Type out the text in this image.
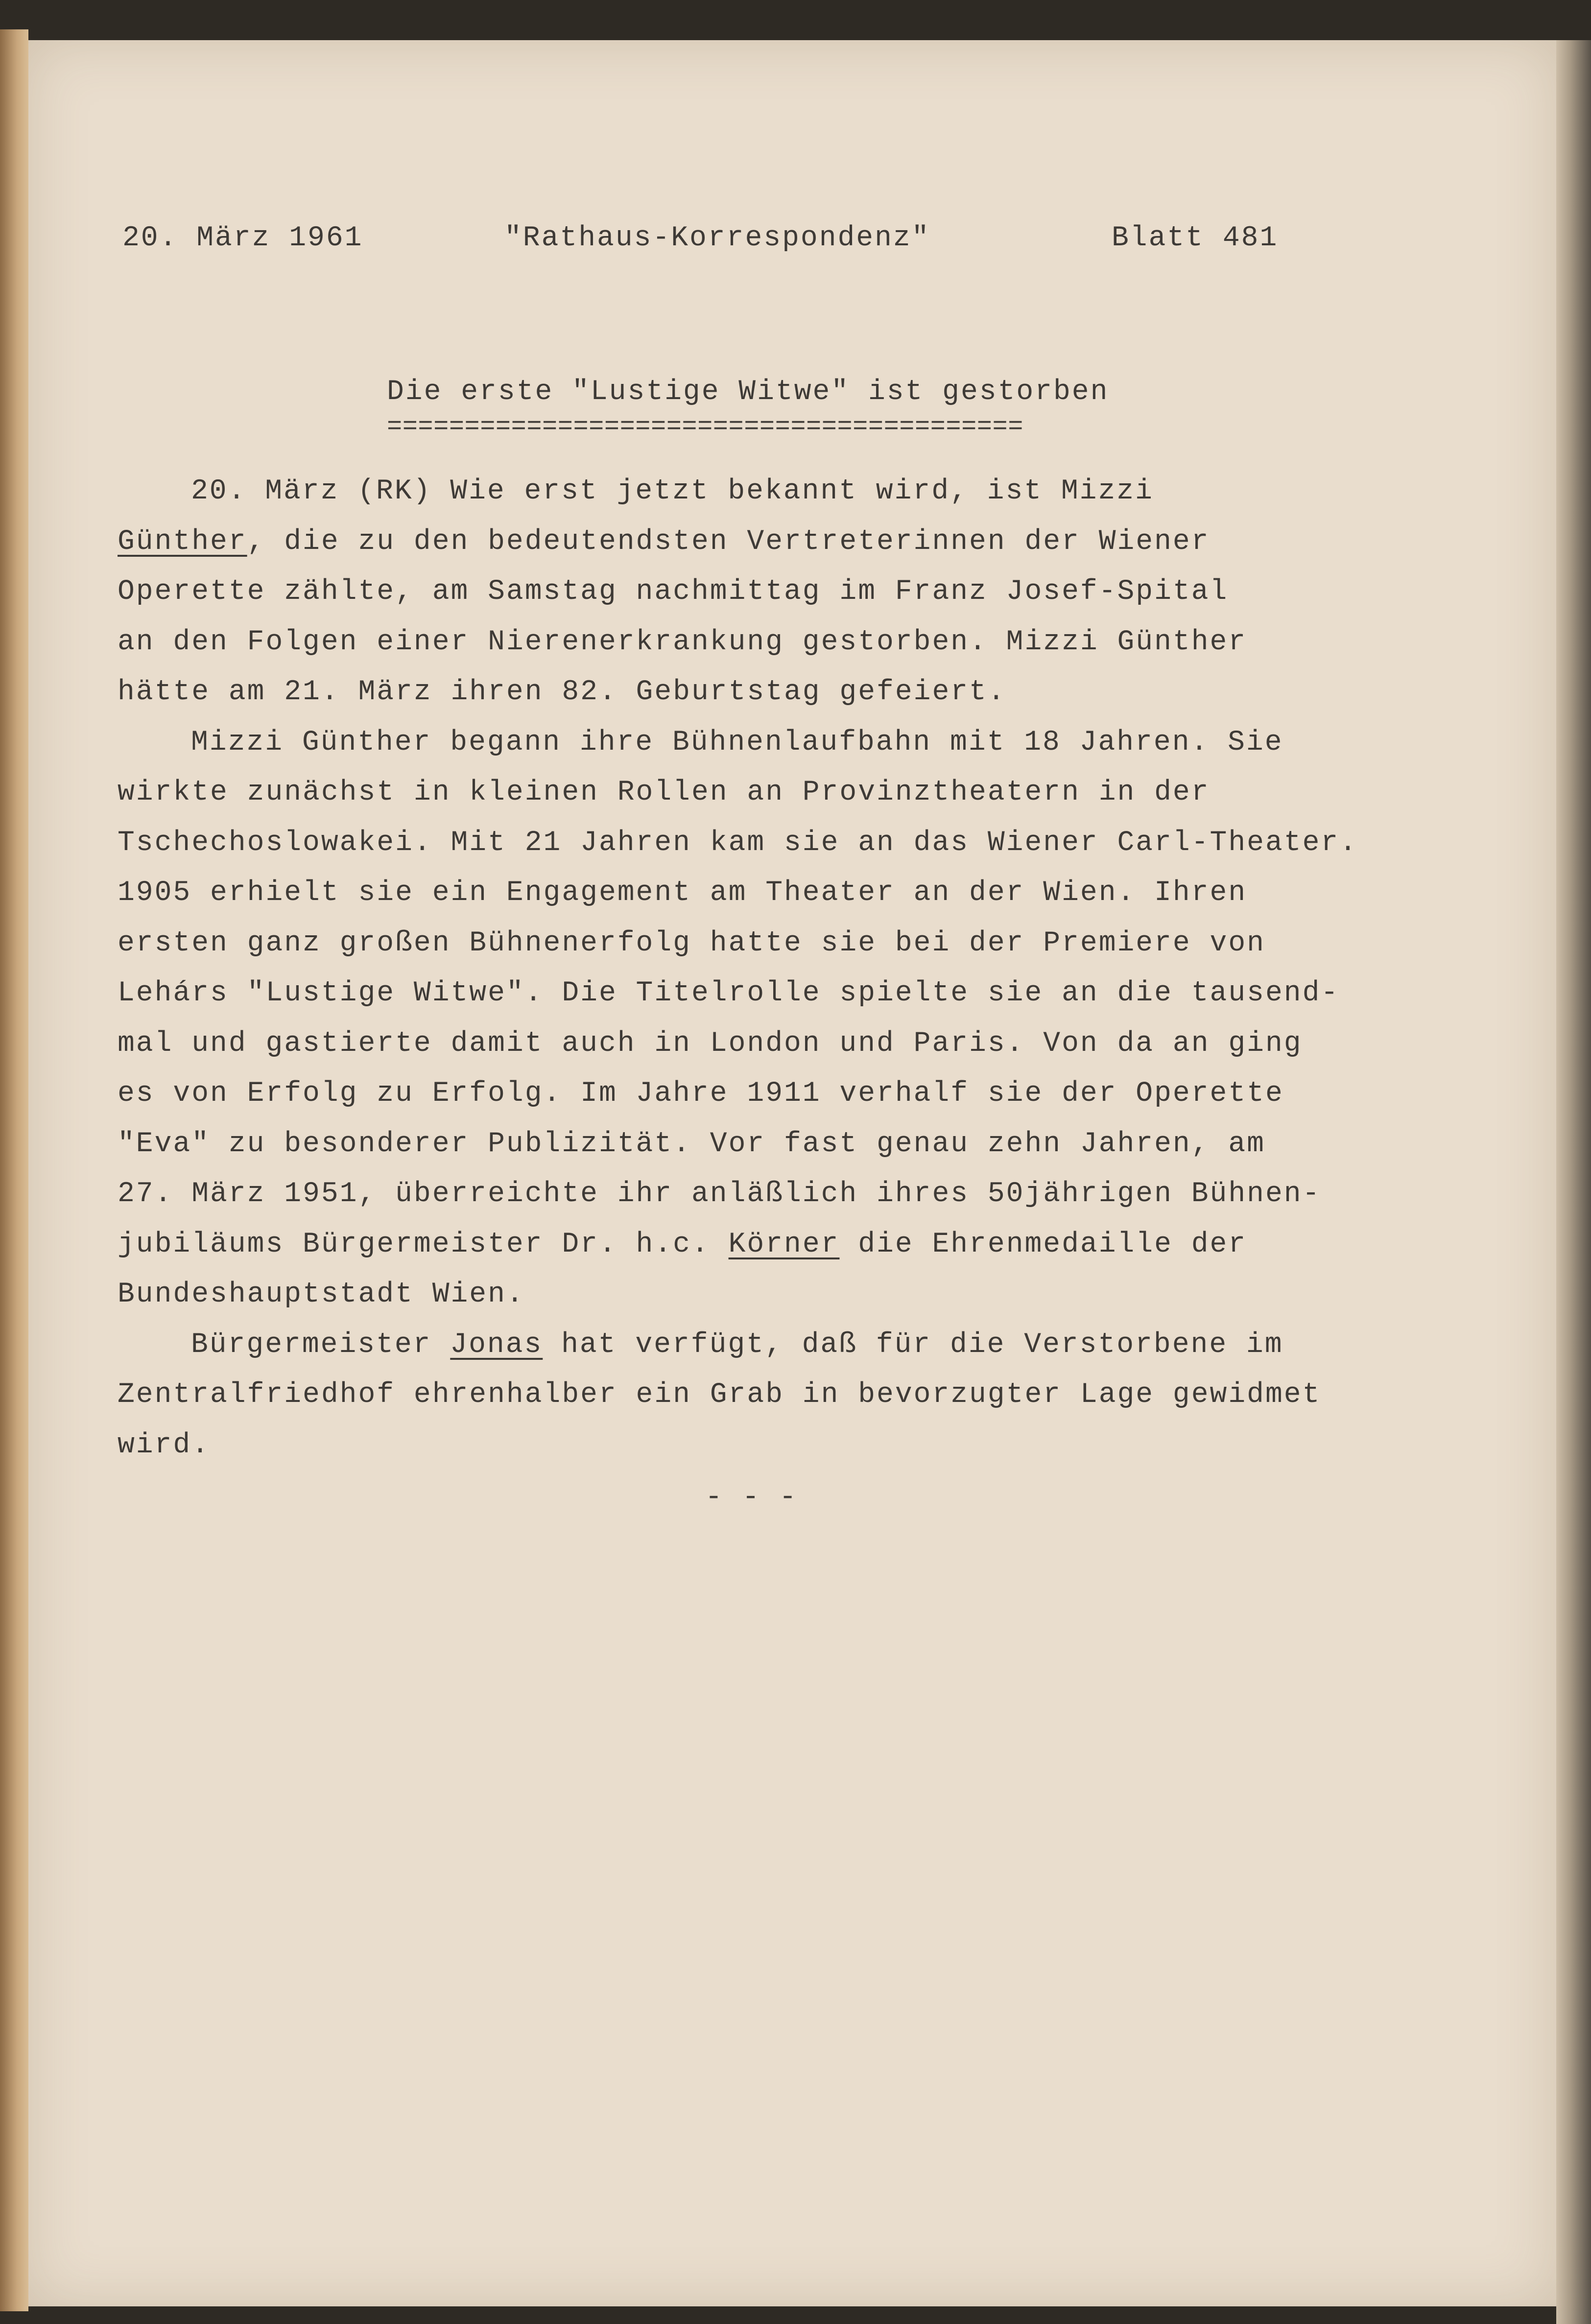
20. März 1961	"Rathaus-Korrespondenz"	Blatt 481
Die erste "Lustige Witwe" ist gestorben
=========================================
20. März (RK) Wie erst jetzt bekannt wird, ist Mizzi
Günther, die zu den bedeutendsten Vertreterinnen der Wiener
Operette zählte, am Samstag nachmittag im Franz Josef-Spital
an den Folgen einer Nierenerkrankung gestorben. Mizzi Günther
hätte am 21. März ihren 82. Geburtstag gefeiert.
Mizzi Günther begann ihre Bühnenlaufbahn mit 18 Jahren. Sie
wirkte zunächst in kleinen Rollen an Provinztheatern in der
Tschechoslowakei. Mit 21 Jahren kam sie an das Wiener Carl-Theater.
1905 erhielt sie ein Engagement am Theater an der Wien. Ihren
ersten ganz großen Bühnenerfolg hatte sie bei der Premiere von
Lehárs "Lustige Witwe". Die Titelrolle spielte sie an die tausend-
mal und gastierte damit auch in London und Paris. Von da an ging
es von Erfolg zu Erfolg. Im Jahre 1911 verhalf sie der Operette
"Eva" zu besonderer Publizität. Vor fast genau zehn Jahren, am
27. März 1951, überreichte ihr anläßlich ihres 50jährigen Bühnen-
jubiläums Bürgermeister Dr. h.c. Körner die Ehrenmedaille der
Bundeshauptstadt Wien.
Bürgermeister Jonas hat verfügt, daß für die Verstorbene im
Zentralfriedhof ehrenhalber ein Grab in bevorzugter Lage gewidmet
wird.
- - -
